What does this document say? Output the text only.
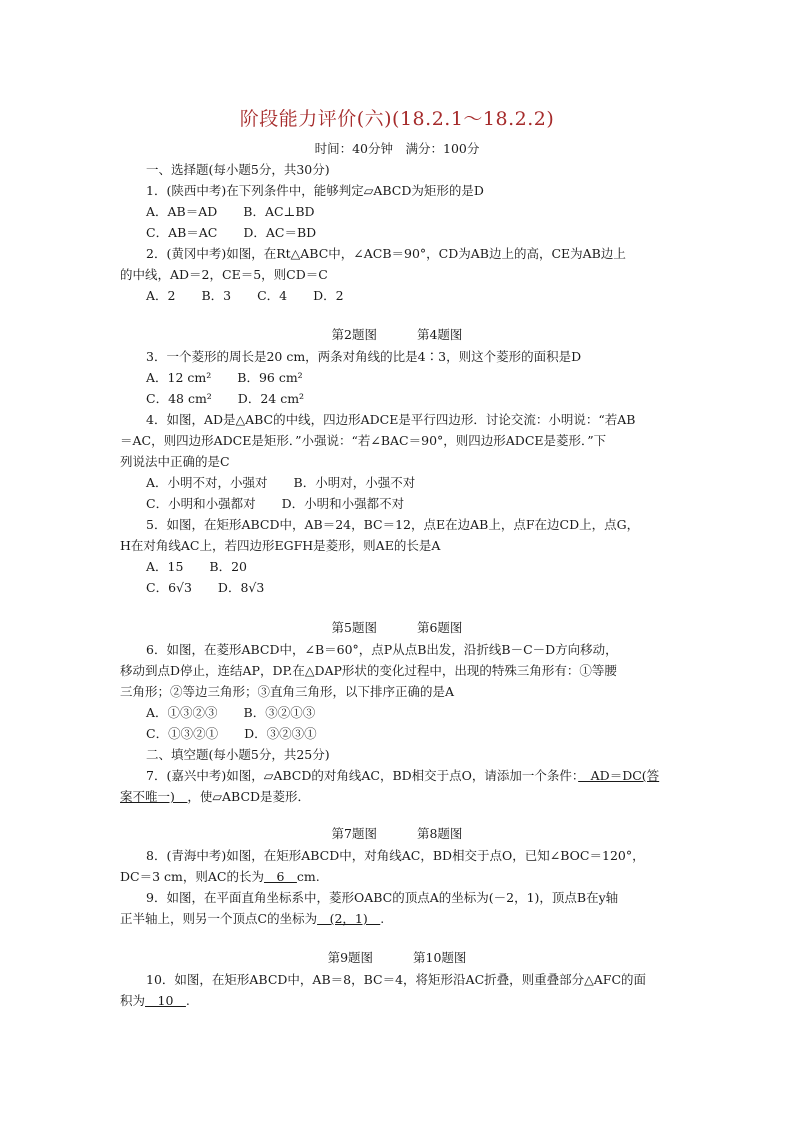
阶段能力评价(六)(18.2.1～18.2.2)
时间：40分钟　满分：100分
一、选择题(每小题5分，共30分)
1．(陕西中考)在下列条件中，能够判定▱ABCD为矩形的是D
A．AB＝AD B．AC⊥BD
C．AB＝AC D．AC＝BD
2．(黄冈中考)如图，在Rt△ABC中，∠ACB＝90°，CD为AB边上的高，CE为AB边上
的中线，AD＝2，CE＝5，则CD＝C
A．2 B．3 C．4 D．2
第2题图	第4题图
3．一个菱形的周长是20 cm，两条对角线的比是4∶3，则这个菱形的面积是D
A．12 cm² B．96 cm²
C．48 cm² D．24 cm²
4．如图，AD是△ABC的中线，四边形ADCE是平行四边形．讨论交流：小明说：“若AB
＝AC，则四边形ADCE是矩形．”小强说：“若∠BAC＝90°，则四边形ADCE是菱形．”下
列说法中正确的是C
A．小明不对，小强对 B．小明对，小强不对
C．小明和小强都对 D．小明和小强都不对
5．如图，在矩形ABCD中，AB＝24，BC＝12，点E在边AB上，点F在边CD上，点G，
H在对角线AC上，若四边形EGFH是菱形，则AE的长是A
A．15 B．20
C．6√3 D．8√3
第5题图	第6题图
6．如图，在菱形ABCD中，∠B＝60°，点P从点B出发，沿折线B－C－D方向移动，
移动到点D停止，连结AP，DP.在△DAP形状的变化过程中，出现的特殊三角形有：①等腰
三角形；②等边三角形；③直角三角形，以下排序正确的是A
A．①③②③ B．③②①③
C．①③②① D．③②③①
二、填空题(每小题5分，共25分)
7．(嘉兴中考)如图，▱ABCD的对角线AC，BD相交于点O，请添加一个条件：　AD＝DC(答
案不唯一)　，使▱ABCD是菱形．
第7题图	第8题图
8．(青海中考)如图，在矩形ABCD中，对角线AC，BD相交于点O，已知∠BOC＝120°，
DC＝3 cm，则AC的长为　6　cm.
9．如图，在平面直角坐标系中，菱形OABC的顶点A的坐标为(－2，1)，顶点B在y轴
正半轴上，则另一个顶点C的坐标为　(2，1)　.
第9题图	第10题图
10．如图，在矩形ABCD中，AB＝8，BC＝4，将矩形沿AC折叠，则重叠部分△AFC的面
积为　10　.
